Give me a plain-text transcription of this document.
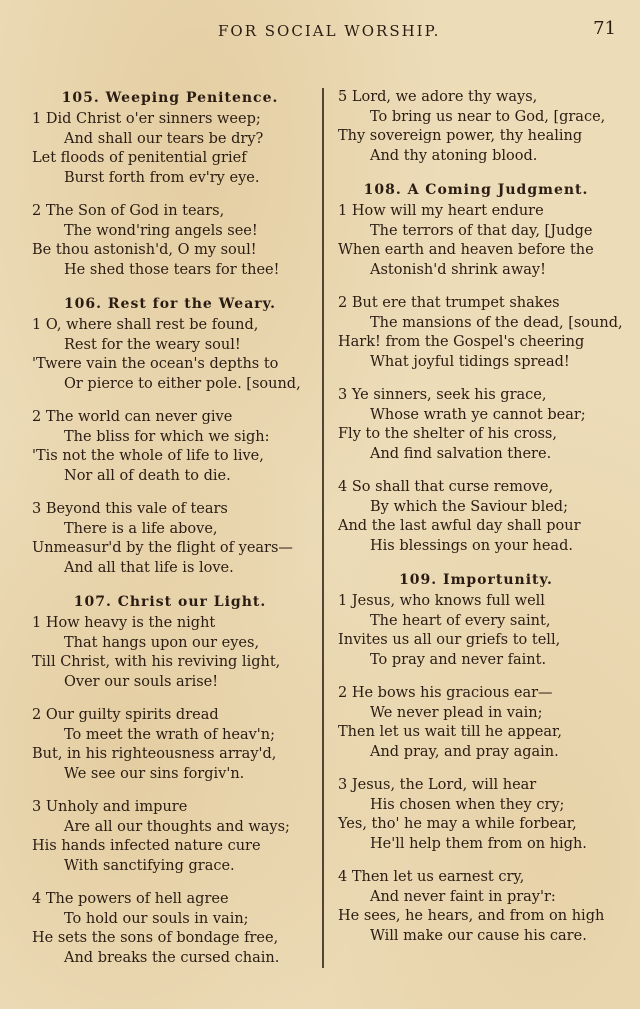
FOR SOCIAL WORSHIP.	71
105. Weeping Penitence.
1 Did Christ o'er sinners weep;
And shall our tears be dry?
Let floods of penitential grief
Burst forth from ev'ry eye.
2 The Son of God in tears,
The wond'ring angels see!
Be thou astonish'd, O my soul!
He shed those tears for thee!
106. Rest for the Weary.
1 O, where shall rest be found,
Rest for the weary soul!
'Twere vain the ocean's depths to
Or pierce to either pole. [sound,
2 The world can never give
The bliss for which we sigh:
'Tis not the whole of life to live,
Nor all of death to die.
3 Beyond this vale of tears
There is a life above,
Unmeasur'd by the flight of years—
And all that life is love.
107. Christ our Light.
1 How heavy is the night
That hangs upon our eyes,
Till Christ, with his reviving light,
Over our souls arise!
2 Our guilty spirits dread
To meet the wrath of heav'n;
But, in his righteousness array'd,
We see our sins forgiv'n.
3 Unholy and impure
Are all our thoughts and ways;
His hands infected nature cure
With sanctifying grace.
4 The powers of hell agree
To hold our souls in vain;
He sets the sons of bondage free,
And breaks the cursed chain.
5 Lord, we adore thy ways,
To bring us near to God, [grace,
Thy sovereign power, thy healing
And thy atoning blood.
108. A Coming Judgment.
1 How will my heart endure
The terrors of that day, [Judge
When earth and heaven before the
Astonish'd shrink away!
2 But ere that trumpet shakes
The mansions of the dead, [sound,
Hark! from the Gospel's cheering
What joyful tidings spread!
3 Ye sinners, seek his grace,
Whose wrath ye cannot bear;
Fly to the shelter of his cross,
And find salvation there.
4 So shall that curse remove,
By which the Saviour bled;
And the last awful day shall pour
His blessings on your head.
109. Importunity.
1 Jesus, who knows full well
The heart of every saint,
Invites us all our griefs to tell,
To pray and never faint.
2 He bows his gracious ear—
We never plead in vain;
Then let us wait till he appear,
And pray, and pray again.
3 Jesus, the Lord, will hear
His chosen when they cry;
Yes, tho' he may a while forbear,
He'll help them from on high.
4 Then let us earnest cry,
And never faint in pray'r:
He sees, he hears, and from on high
Will make our cause his care.
